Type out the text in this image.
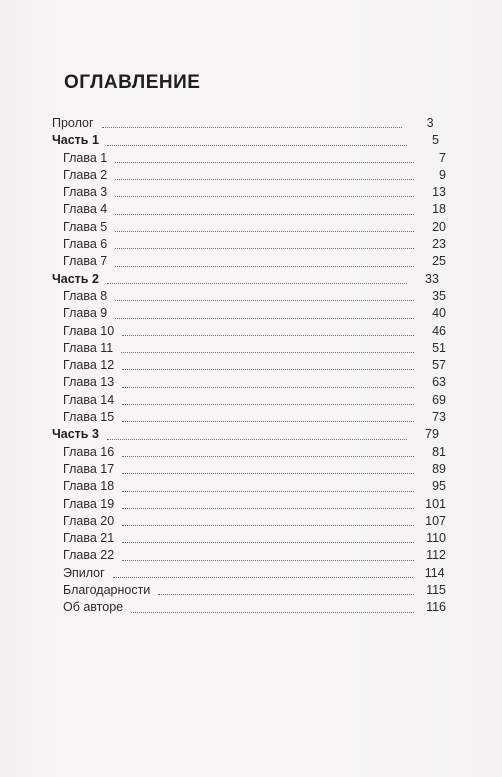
ОГЛАВЛЕНИЕ
Пролог	3
Часть 1	5
Глава 1	7
Глава 2	9
Глава 3	13
Глава 4	18
Глава 5	20
Глава 6	23
Глава 7	25
Часть 2	33
Глава 8	35
Глава 9	40
Глава 10	46
Глава 11	51
Глава 12	57
Глава 13	63
Глава 14	69
Глава 15	73
Часть 3	79
Глава 16	81
Глава 17	89
Глава 18	95
Глава 19	101
Глава 20	107
Глава 21	110
Глава 22	112
Эпилог	114
Благодарности	115
Об авторе	116
